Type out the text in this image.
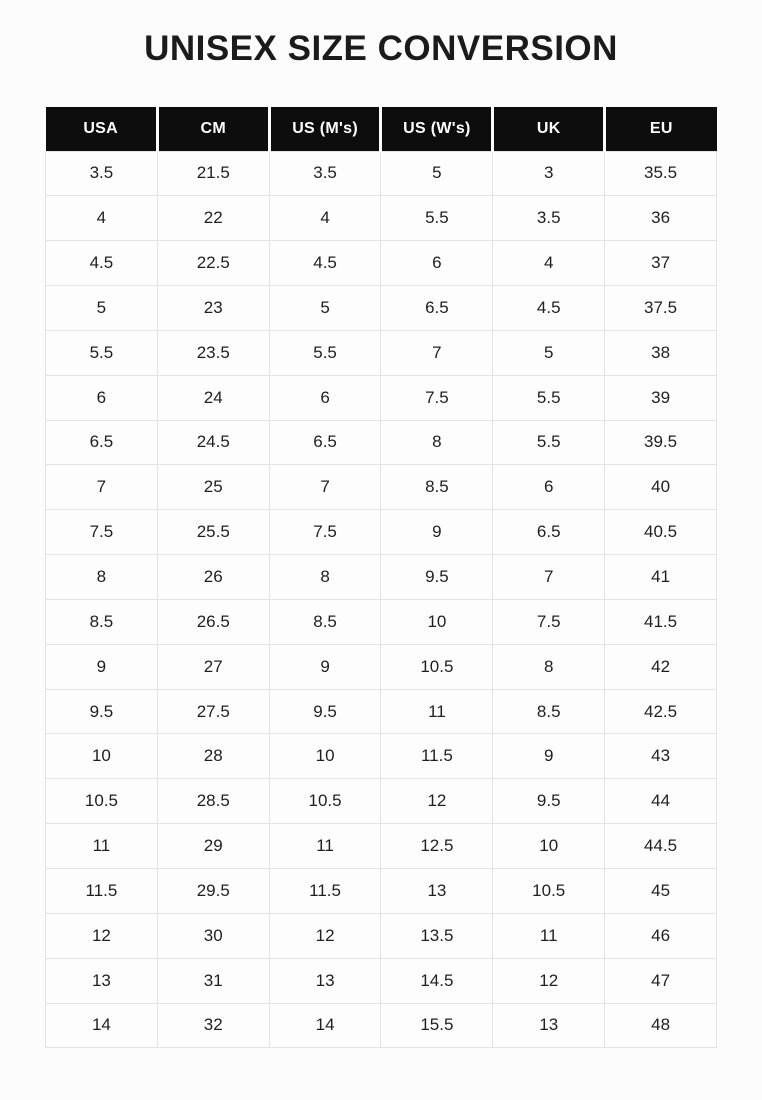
UNISEX SIZE CONVERSION
USA	CM	US (M's)	US (W's)	UK	EU
3.5	21.5	3.5	5	3	35.5
4	22	4	5.5	3.5	36
4.5	22.5	4.5	6	4	37
5	23	5	6.5	4.5	37.5
5.5	23.5	5.5	7	5	38
6	24	6	7.5	5.5	39
6.5	24.5	6.5	8	5.5	39.5
7	25	7	8.5	6	40
7.5	25.5	7.5	9	6.5	40.5
8	26	8	9.5	7	41
8.5	26.5	8.5	10	7.5	41.5
9	27	9	10.5	8	42
9.5	27.5	9.5	11	8.5	42.5
10	28	10	11.5	9	43
10.5	28.5	10.5	12	9.5	44
11	29	11	12.5	10	44.5
11.5	29.5	11.5	13	10.5	45
12	30	12	13.5	11	46
13	31	13	14.5	12	47
14	32	14	15.5	13	48
